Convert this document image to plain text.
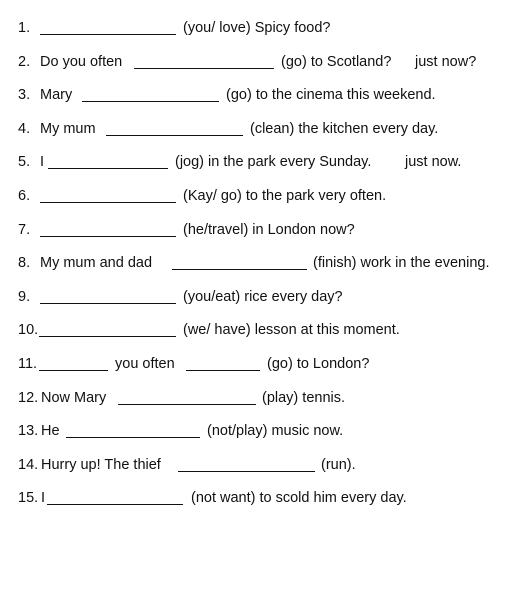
1.

	(you/ love) Spicy food?

2.

Do you often

	(go) to Scotland?

just now?

3.

Mary

	(go) to the cinema this weekend.

4.

My mum

	(clean) the kitchen every day.

5.

I

	(jog) in the park every Sunday.

just now.

6.

	(Kay/ go) to the park very often.

7.

	(he/travel) in London now?

8.

My mum and dad

	(finish) work in the evening.

9.

	(you/eat) rice every day?

10.

	(we/ have) lesson at this moment.

11.

	you often

	(go) to London?

12.

Now Mary

	(play) tennis.

13.

He

	(not/play) music now.

14.

Hurry up! The thief

	(run).

15.

I

	(not want) to scold him every day.
